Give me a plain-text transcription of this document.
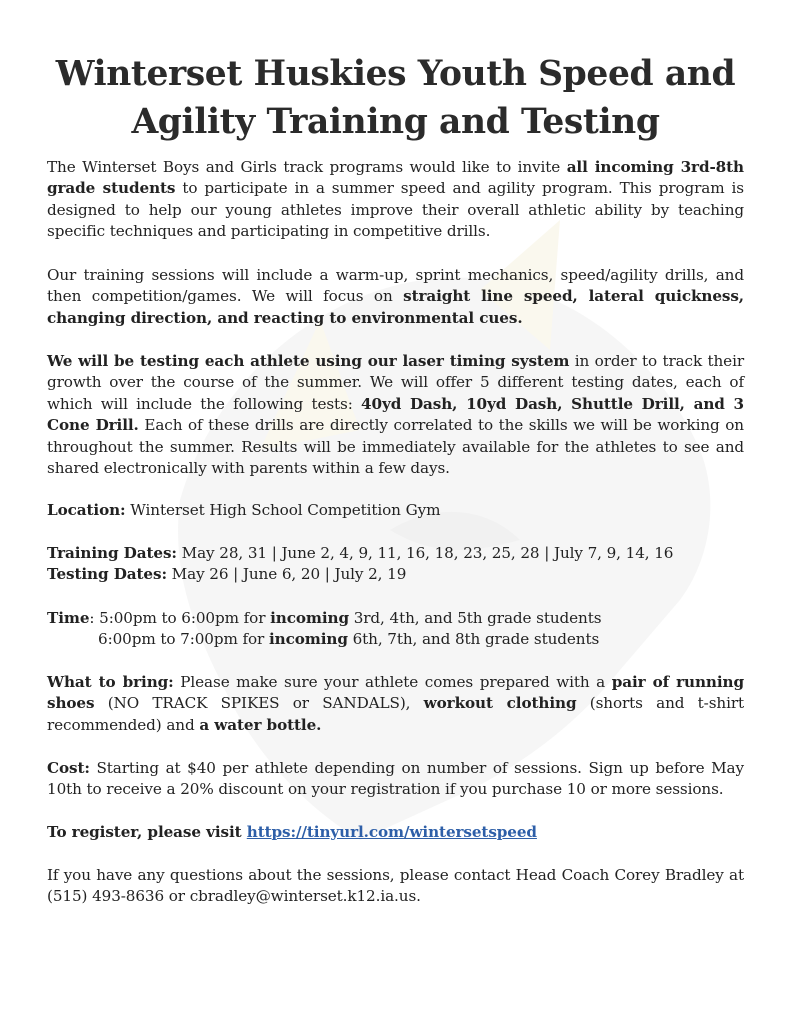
Winterset Huskies Youth Speed and
Agility Training and Testing

The Winterset Boys and Girls track programs would like to invite all incoming 3rd-8th grade students to participate in a summer speed and agility program. This program is designed to help our young athletes improve their overall athletic ability by teaching specific techniques and participating in competitive drills.

Our training sessions will include a warm-up, sprint mechanics, speed/agility drills, and then competition/games. We will focus on straight line speed, lateral quickness, changing direction, and reacting to environmental cues.

We will be testing each athlete using our laser timing system in order to track their growth over the course of the summer. We will offer 5 different testing dates, each of which will include the following tests: 40yd Dash, 10yd Dash, Shuttle Drill, and 3 Cone Drill. Each of these drills are directly correlated to the skills we will be working on throughout the summer. Results will be immediately available for the athletes to see and shared electronically with parents within a few days.

Location: Winterset High School Competition Gym

Training Dates: May 28, 31 | June 2, 4, 9, 11, 16, 18, 23, 25, 28 | July 7, 9, 14, 16
Testing Dates: May 26 | June 6, 20 | July 2, 19

Time: 5:00pm to 6:00pm for incoming 3rd, 4th, and 5th grade students
6:00pm to 7:00pm for incoming 6th, 7th, and 8th grade students

What to bring: Please make sure your athlete comes prepared with a pair of running shoes (NO TRACK SPIKES or SANDALS), workout clothing (shorts and t-shirt recommended) and a water bottle.

Cost: Starting at $40 per athlete depending on number of sessions. Sign up before May 10th to receive a 20% discount on your registration if you purchase 10 or more sessions.

To register, please visit https://tinyurl.com/wintersetspeed

If you have any questions about the sessions, please contact Head Coach Corey Bradley at (515) 493-8636 or cbradley@winterset.k12.ia.us.
